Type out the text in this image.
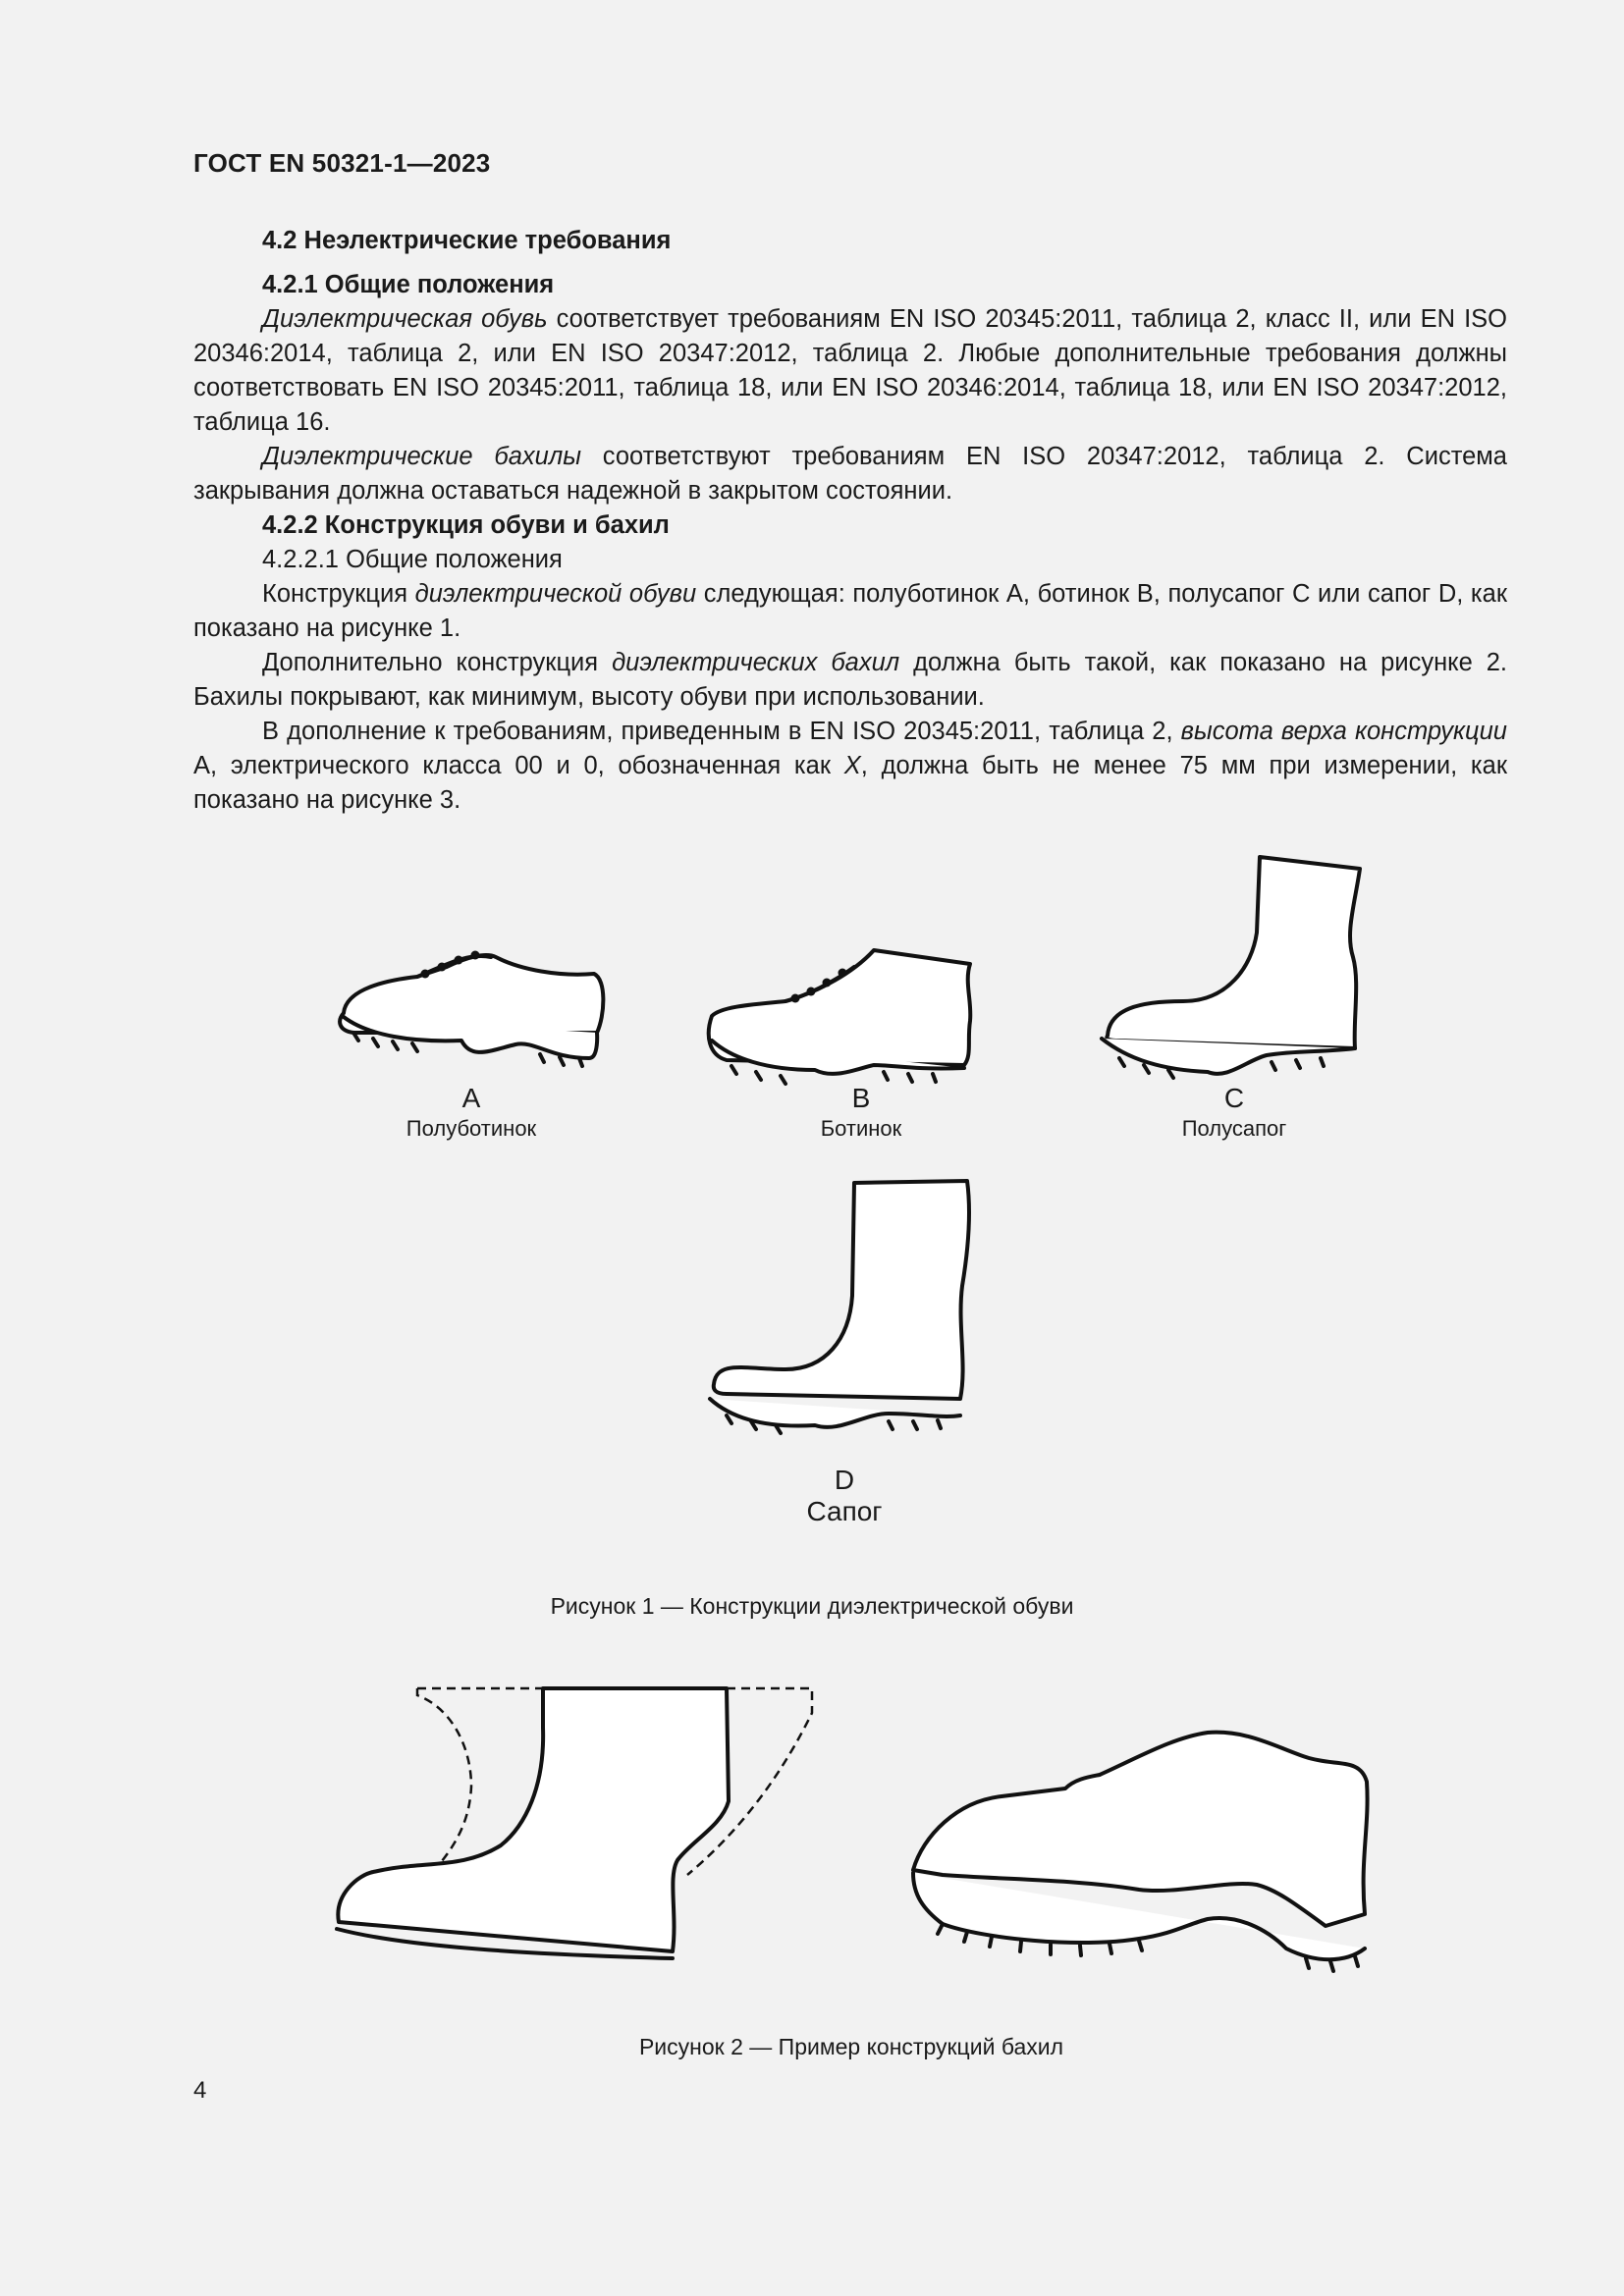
ГОСТ EN 50321-1—2023

4.2 Неэлектрические требования

4.2.1 Общие положения

Диэлектрическая обувь соответствует требованиям EN ISO 20345:2011, таблица 2, класс II, или EN ISO 20346:2014, таблица 2, или EN ISO 20347:2012, таблица 2. Любые дополнительные требования должны соответствовать EN ISO 20345:2011, таблица 18, или EN ISO 20346:2014, таблица 18, или EN ISO 20347:2012, таблица 16.

Диэлектрические бахилы соответствуют требованиям EN ISO 20347:2012, таблица 2. Система закрывания должна оставаться надежной в закрытом состоянии.

4.2.2 Конструкция обуви и бахил

4.2.2.1 Общие положения

Конструкция диэлектрической обуви следующая: полуботинок А, ботинок В, полусапог С или сапог D, как показано на рисунке 1.

Дополнительно конструкция диэлектрических бахил должна быть такой, как показано на рисунке 2. Бахилы покрывают, как минимум, высоту обуви при использовании.

В дополнение к требованиям, приведенным в EN ISO 20345:2011, таблица 2, высота верха конструкции А, электрического класса 00 и 0, обозначенная как X, должна быть не менее 75 мм при измерении, как показано на рисунке 3.

A
Полуботинок
B
Ботинок
C
Полусапог
D
Сапог
Рисунок 1 — Конструкции диэлектрической обуви
Рисунок 2 — Пример конструкций бахил
4
